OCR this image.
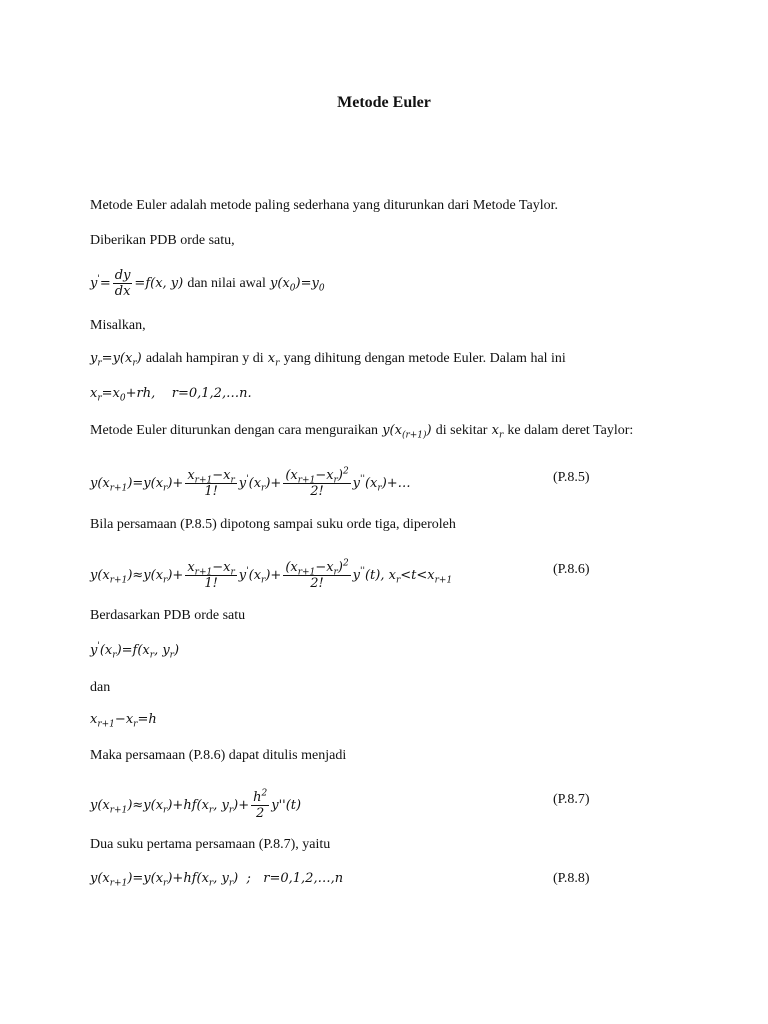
Metode Euler
Metode Euler adalah metode paling sederhana yang diturunkan dari Metode Taylor.
Diberikan PDB orde satu,
$y'= \frac{dy}{dx} =f(x$, y) dan nilai awal $y(x_0)=y_0$
Misalkan,
$y_r=y(x_r)$ adalah hampiran y di $x_r$ yang dihitung dengan metode Euler. Dalam hal ini
$x_r=x_0+rh$,    r=0,1,2,…n.
Metode Euler diturunkan dengan cara menguraikan $y(x_{(r+1)})$ di sekitar $x_r$ ke dalam deret Taylor:
$y(x_{r+1})=y(x_r)+ \frac{x_{r+1}-x_r}{1!} y'(x_r)+ \frac{(x_{r+1}-x_r)^2}{2!}$ $y''(x_r)+\dots$	(P.8.5)
Bila persamaan (P.8.5) dipotong sampai suku orde tiga, diperoleh
$y(x_{r+1})\approx y(x_r)+ \frac{x_{r+1}-x_r}{1!} y'(x_r)+ \frac{(x_{r+1}-x_r)^2}{2!} y''(t)$, $x_r<t<x_{r+1}$
(P.8.6)
Berdasarkan PDB orde satu
$y'(x_r)=f(x_r$, $y_r$)
dan
$x_{r+1}-x_r=h$
Maka persamaan (P.8.6) dapat ditulis menjadi
$y(x_{r+1})\approx y(x_r)+hf(x_r$, $y_r)+ \frac{h^2}{2} y''(t)$	(P.8.7)
Dua suku pertama persamaan (P.8.7), yaitu
$y(x_{r+1})=y(x_r)+hf(x_r$, $y_r$)  ;   r=0,1,2,…,n	(P.8.8)
